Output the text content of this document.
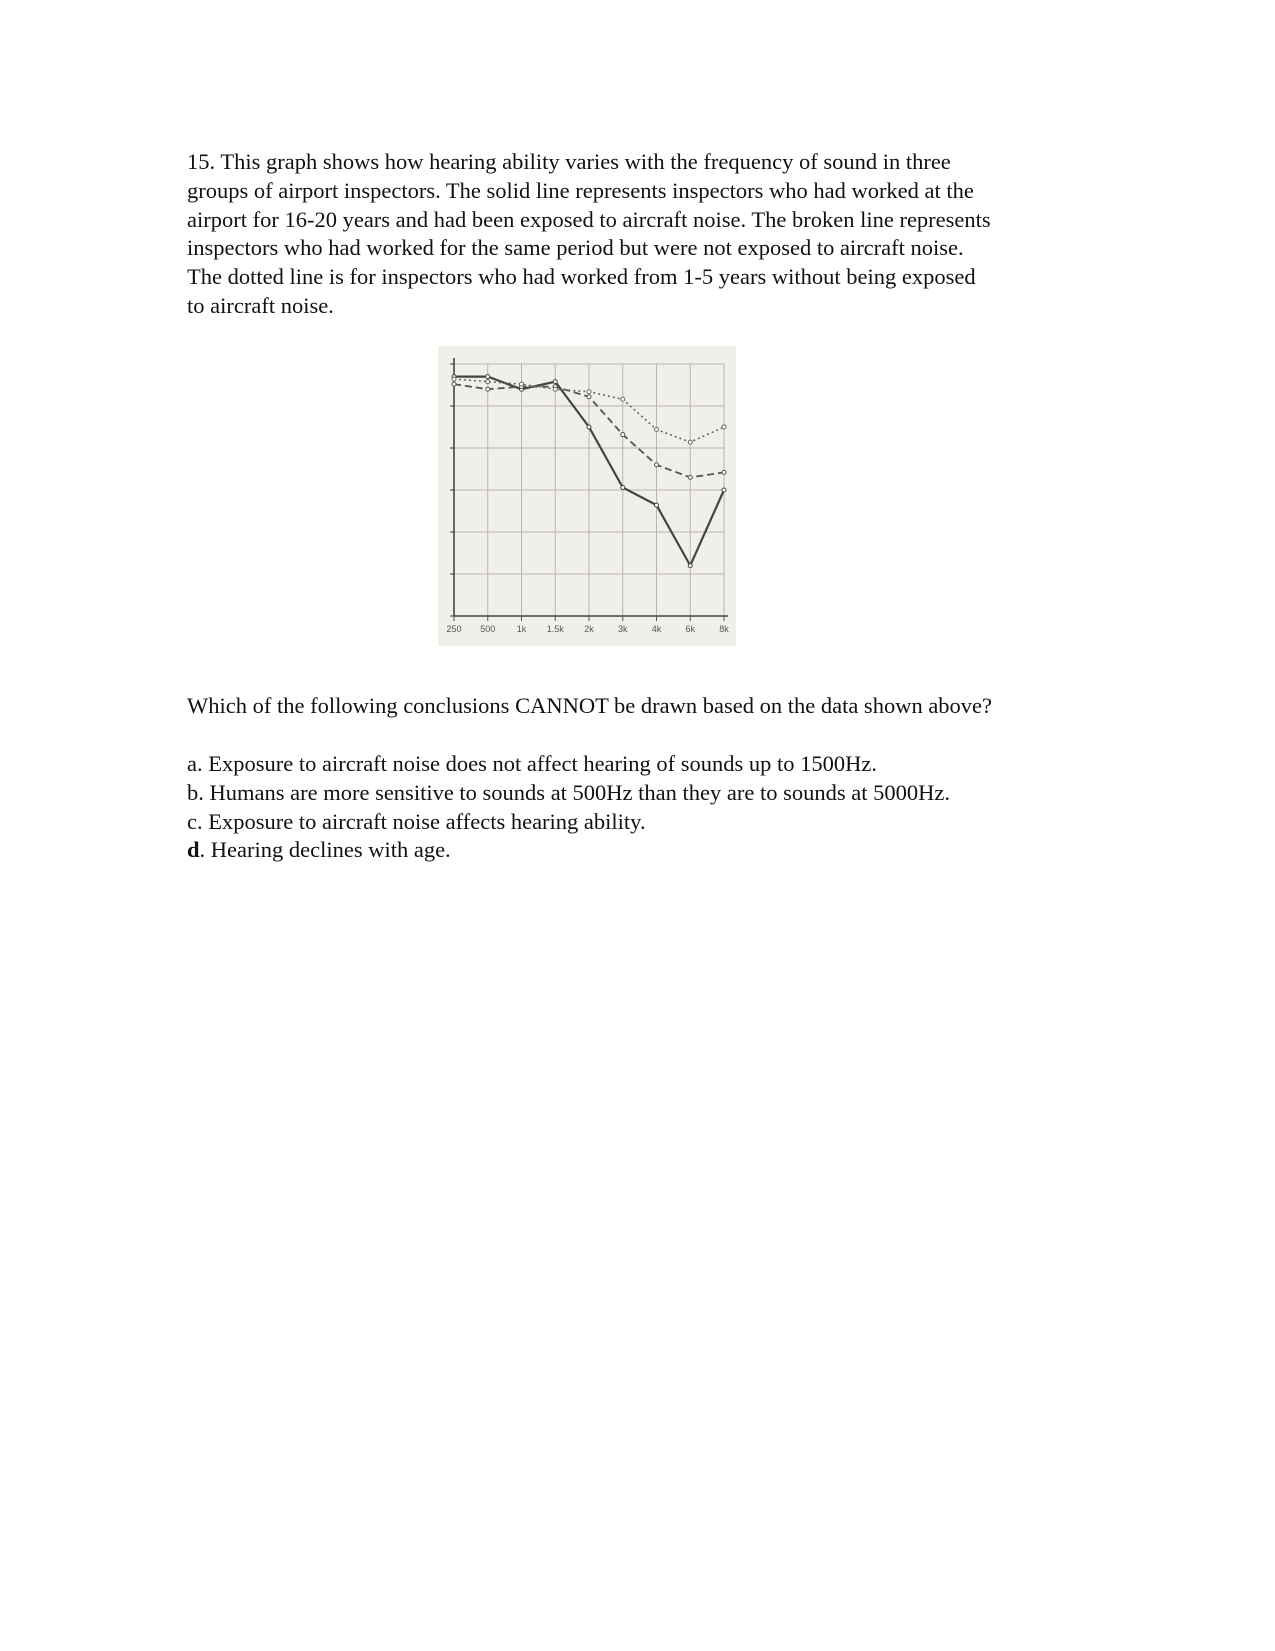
15. This graph shows how hearing ability varies with the frequency of sound in three
groups of airport inspectors. The solid line represents inspectors who had worked at the
airport for 16-20 years and had been exposed to aircraft noise. The broken line represents
inspectors who had worked for the same period but were not exposed to aircraft noise.
The dotted line is for inspectors who had worked from 1-5 years without being exposed
to aircraft noise.
250 500 1k 1.5k 2k	3k	4k	6k	8k

Which of the following conclusions CANNOT be drawn based on the data shown above?

a. Exposure to aircraft noise does not affect hearing of sounds up to 1500Hz.
b. Humans are more sensitive to sounds at 500Hz than they are to sounds at 5000Hz.
c. Exposure to aircraft noise affects hearing ability.
d. Hearing declines with age.
